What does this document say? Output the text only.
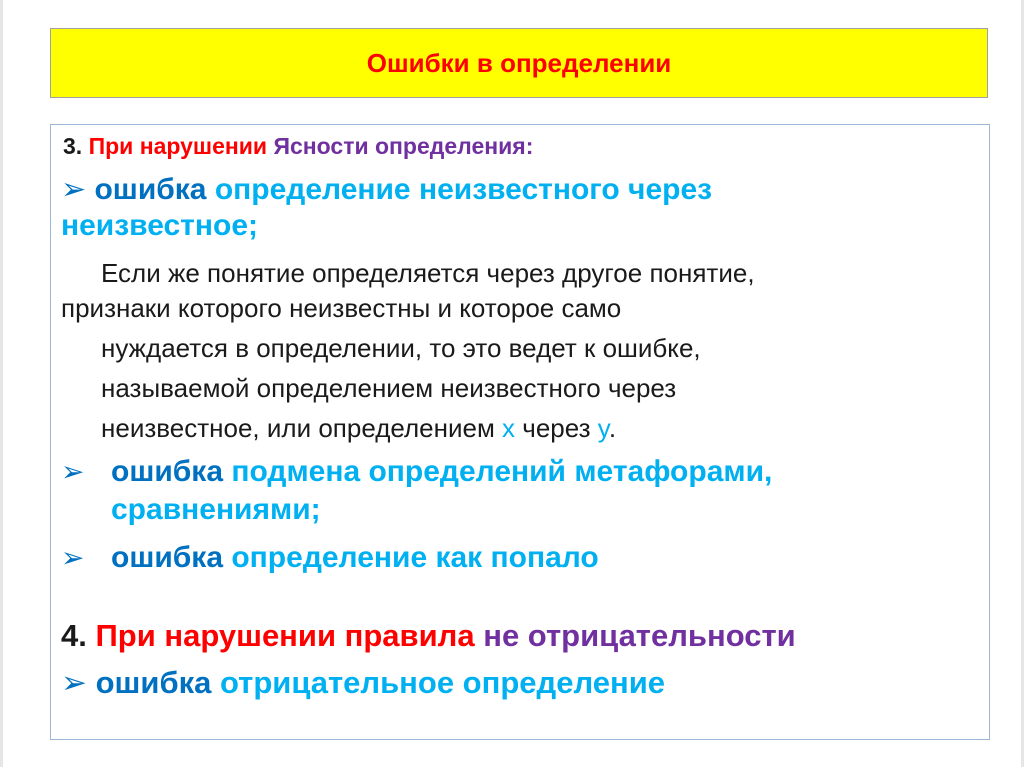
Ошибки в определении
3. При нарушении Ясности определения:
➢ ошибка определение неизвестного через
неизвестное;
Если же понятие определяется через другое понятие,
признаки которого неизвестны и которое само
нуждается в определении, то это ведет к ошибке,
называемой определением неизвестного через
неизвестное, или определением x через y.
➢ ошибка подмена определений метафорами,
сравнениями;
➢ ошибка определение как попало
4. При нарушении правила не отрицательности
➢ ошибка отрицательное определение
